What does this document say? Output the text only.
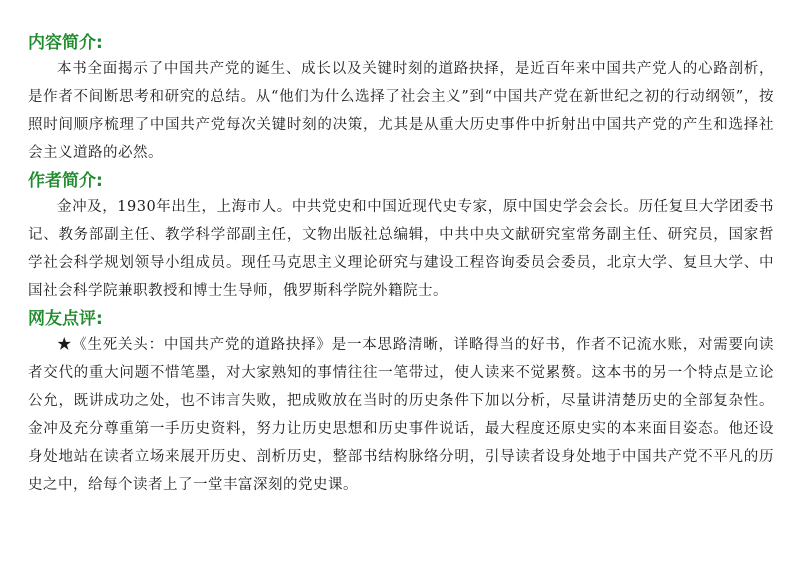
内容简介:

本书全面揭示了中国共产党的诞生、成长以及关键时刻的道路抉择，是近百年来中国共产党人的心路剖析，是作者不间断思考和研究的总结。从“他们为什么选择了社会主义”到“中国共产党在新世纪之初的行动纲领”，按照时间顺序梳理了中国共产党每次关键时刻的决策，尤其是从重大历史事件中折射出中国共产党的产生和选择社会主义道路的必然。

作者简介:

金冲及，1930年出生，上海市人。中共党史和中国近现代史专家，原中国史学会会长。历任复旦大学团委书记、教务部副主任、教学科学部副主任，文物出版社总编辑，中共中央文献研究室常务副主任、研究员，国家哲学社会科学规划领导小组成员。现任马克思主义理论研究与建设工程咨询委员会委员，北京大学、复旦大学、中国社会科学院兼职教授和博士生导师，俄罗斯科学院外籍院士。

网友点评:

★《生死关头：中国共产党的道路抉择》是一本思路清晰，详略得当的好书，作者不记流水账，对需要向读者交代的重大问题不惜笔墨，对大家熟知的事情往往一笔带过，使人读来不觉累赘。这本书的另一个特点是立论公允，既讲成功之处，也不讳言失败，把成败放在当时的历史条件下加以分析，尽量讲清楚历史的全部复杂性。金冲及充分尊重第一手历史资料，努力让历史思想和历史事件说话，最大程度还原史实的本来面目姿态。他还设身处地站在读者立场来展开历史、剖析历史，整部书结构脉络分明，引导读者设身处地于中国共产党不平凡的历史之中，给每个读者上了一堂丰富深刻的党史课。
